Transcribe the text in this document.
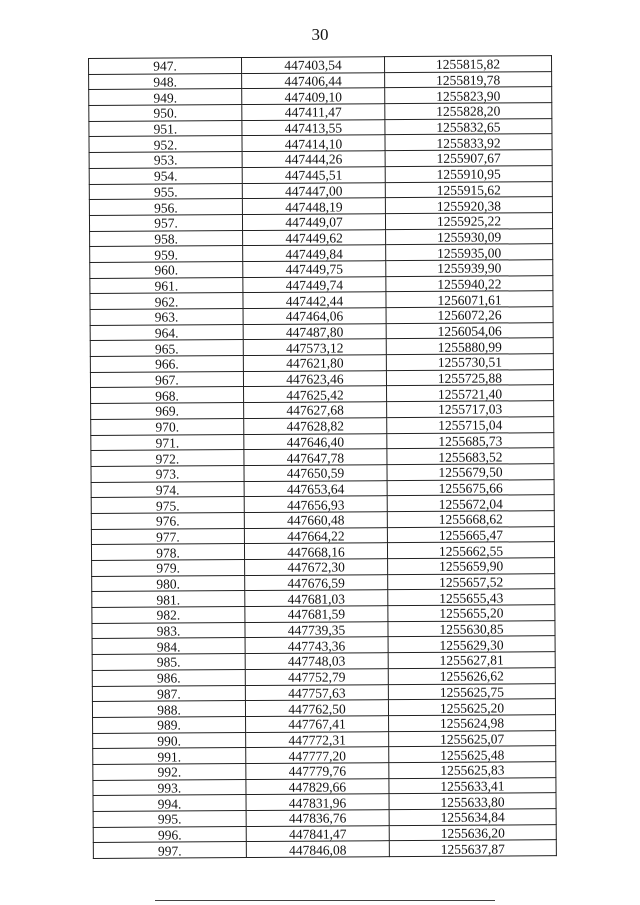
30
947.	447403,54	1255815,82
948.	447406,44	1255819,78
949.	447409,10	1255823,90
950.	447411,47	1255828,20
951.	447413,55	1255832,65
952.	447414,10	1255833,92
953.	447444,26	1255907,67
954.	447445,51	1255910,95
955.	447447,00	1255915,62
956.	447448,19	1255920,38
957.	447449,07	1255925,22
958.	447449,62	1255930,09
959.	447449,84	1255935,00
960.	447449,75	1255939,90
961.	447449,74	1255940,22
962.	447442,44	1256071,61
963.	447464,06	1256072,26
964.	447487,80	1256054,06
965.	447573,12	1255880,99
966.	447621,80	1255730,51
967.	447623,46	1255725,88
968.	447625,42	1255721,40
969.	447627,68	1255717,03
970.	447628,82	1255715,04
971.	447646,40	1255685,73
972.	447647,78	1255683,52
973.	447650,59	1255679,50
974.	447653,64	1255675,66
975.	447656,93	1255672,04
976.	447660,48	1255668,62
977.	447664,22	1255665,47
978.	447668,16	1255662,55
979.	447672,30	1255659,90
980.	447676,59	1255657,52
981.	447681,03	1255655,43
982.	447681,59	1255655,20
983.	447739,35	1255630,85
984.	447743,36	1255629,30
985.	447748,03	1255627,81
986.	447752,79	1255626,62
987.	447757,63	1255625,75
988.	447762,50	1255625,20
989.	447767,41	1255624,98
990.	447772,31	1255625,07
991.	447777,20	1255625,48
992.	447779,76	1255625,83
993.	447829,66	1255633,41
994.	447831,96	1255633,80
995.	447836,76	1255634,84
996.	447841,47	1255636,20
997.	447846,08	1255637,87
